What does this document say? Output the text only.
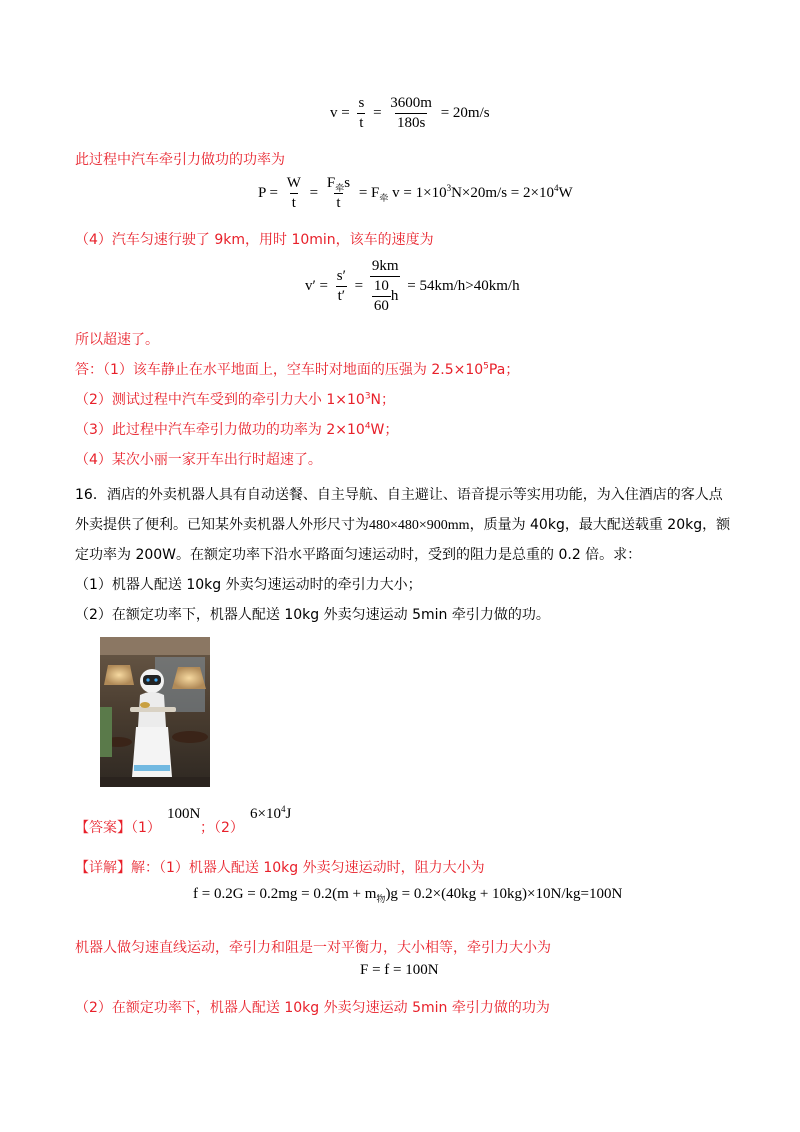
$v = \frac{s}{t} = \frac{3600m}{180s} = 20m/s$
此过程中汽车牵引力做功的功率为
$P = \frac{W}{t} = \frac{F_牵s}{t} = F_牵$ $v = 1\times 10^3N\times 20m/s = 2\times 10^4W$
（4）汽车匀速行驶了 9km，用时 10min，该车的速度为
$v' = \frac{s'}{t'} = \frac{9km}{\frac{10}{60} h} = 54km/h>40km/h$
所以超速了。
答：（1）该车静止在水平地面上，空车时对地面的压强为 $2.5\times 10^5Pa$；
（2）测试过程中汽车受到的牵引力大小 $1\times 10^3N$；
（3）此过程中汽车牵引力做功的功率为 $2\times 10^4W$；
（4）某次小丽一家开车出行时超速了。
16．酒店的外卖机器人具有自动送餐、自主导航、自主避让、语音提示等实用功能，为入住酒店的客人点
外卖提供了便利。已知某外卖机器人外形尺寸为480×480×900mm，质量为 40kg，最大配送载重 20kg，额
定功率为 200W。在额定功率下沿水平路面匀速运动时，受到的阻力是总重的 0.2 倍。求：
（1）机器人配送 10kg 外卖匀速运动时的牵引力大小；
（2）在额定功率下，机器人配送 10kg 外卖匀速运动 5min 牵引力做的功。
【答案】（1）
100N
；（2）
$6\times 10^4J$
【详解】解：（1）机器人配送 10kg 外卖匀速运动时，阻力大小为
$f = 0.2G = 0.2mg = 0.2(m + m_物)g = 0.2\times(40kg + 10kg)\times 10N/kg=100N$
机器人做匀速直线运动，牵引力和阻是一对平衡力，大小相等，牵引力大小为
F = f = 100N
（2）在额定功率下，机器人配送 10kg 外卖匀速运动 5min 牵引力做的功为
